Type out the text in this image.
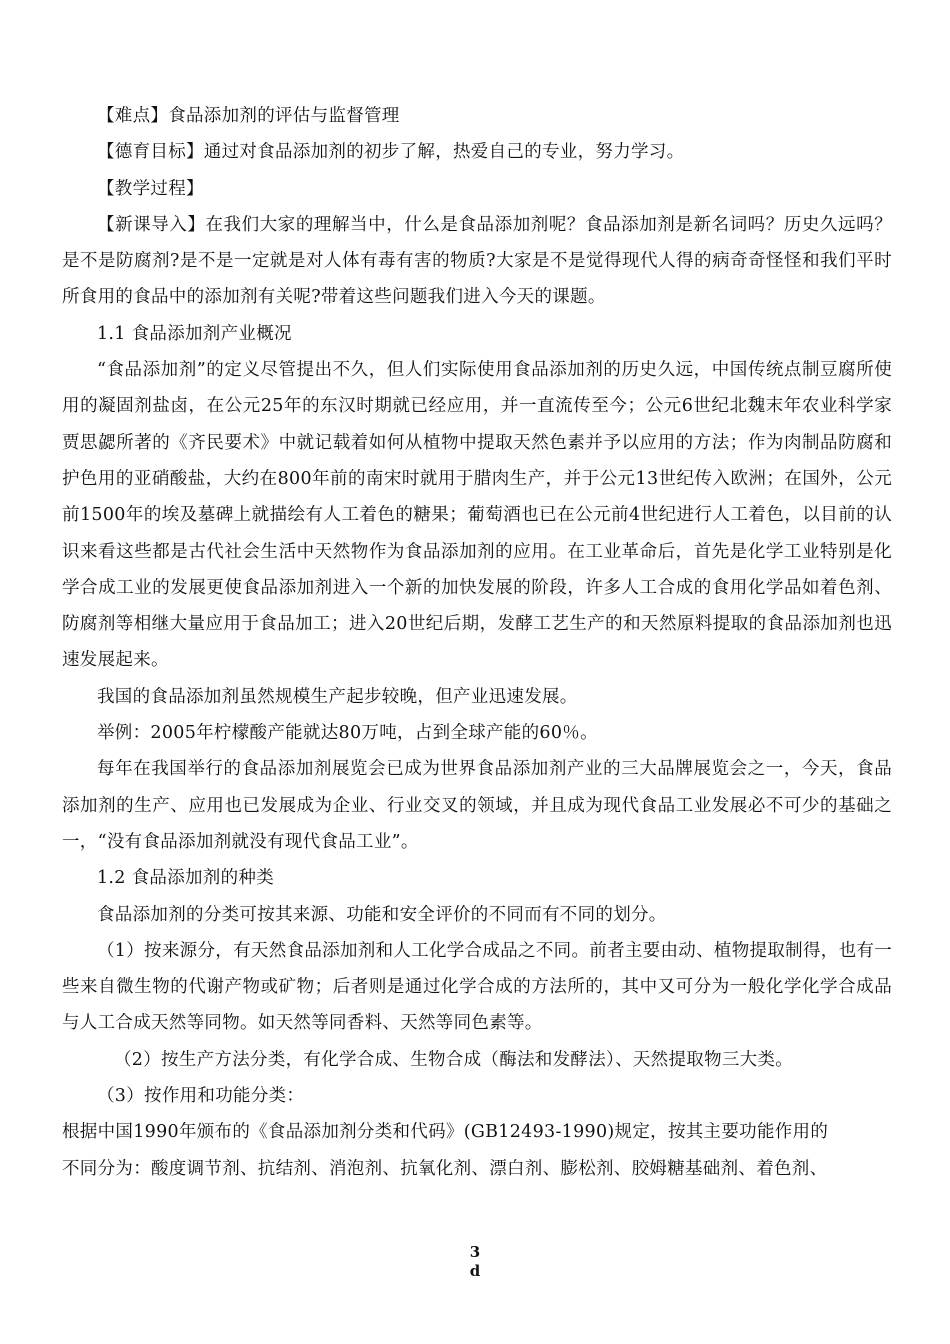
【难点】食品添加剂的评估与监督管理

【德育目标】通过对食品添加剂的初步了解，热爱自己的专业，努力学习。

【教学过程】

【新课导入】在我们大家的理解当中，什么是食品添加剂呢？食品添加剂是新名词吗？历史久远吗？是不是防腐剂?是不是一定就是对人体有毒有害的物质?大家是不是觉得现代人得的病奇奇怪怪和我们平时所食用的食品中的添加剂有关呢?带着这些问题我们进入今天的课题。

1.1 食品添加剂产业概况

“食品添加剂”的定义尽管提出不久，但人们实际使用食品添加剂的历史久远，中国传统点制豆腐所使用的凝固剂盐卤，在公元25年的东汉时期就已经应用，并一直流传至今；公元6世纪北魏末年农业科学家贾思勰所著的《齐民要术》中就记载着如何从植物中提取天然色素并予以应用的方法；作为肉制品防腐和护色用的亚硝酸盐，大约在800年前的南宋时就用于腊肉生产，并于公元13世纪传入欧洲；在国外，公元前1500年的埃及墓碑上就描绘有人工着色的糖果；葡萄酒也已在公元前4世纪进行人工着色，以目前的认识来看这些都是古代社会生活中天然物作为食品添加剂的应用。在工业革命后，首先是化学工业特别是化学合成工业的发展更使食品添加剂进入一个新的加快发展的阶段，许多人工合成的食用化学品如着色剂、防腐剂等相继大量应用于食品加工；进入20世纪后期，发酵工艺生产的和天然原料提取的食品添加剂也迅速发展起来。

我国的食品添加剂虽然规模生产起步较晚，但产业迅速发展。

举例：2005年柠檬酸产能就达80万吨，占到全球产能的60％。

每年在我国举行的食品添加剂展览会已成为世界食品添加剂产业的三大品牌展览会之一，今天，食品添加剂的生产、应用也已发展成为企业、行业交叉的领域，并且成为现代食品工业发展必不可少的基础之一，“没有食品添加剂就没有现代食品工业”。

1.2 食品添加剂的种类

食品添加剂的分类可按其来源、功能和安全评价的不同而有不同的划分。

（1）按来源分，有天然食品添加剂和人工化学合成品之不同。前者主要由动、植物提取制得，也有一些来自微生物的代谢产物或矿物；后者则是通过化学合成的方法所的，其中又可分为一般化学化学合成品与人工合成天然等同物。如天然等同香料、天然等同色素等。

（2）按生产方法分类，有化学合成、生物合成（酶法和发酵法）、天然提取物三大类。

（3）按作用和功能分类：

根据中国1990年颁布的《食品添加剂分类和代码》(GB12493-1990)规定，按其主要功能作用的

不同分为：酸度调节剂、抗结剂、消泡剂、抗氧化剂、漂白剂、膨松剂、胶姆糖基础剂、着色剂、

3
d
